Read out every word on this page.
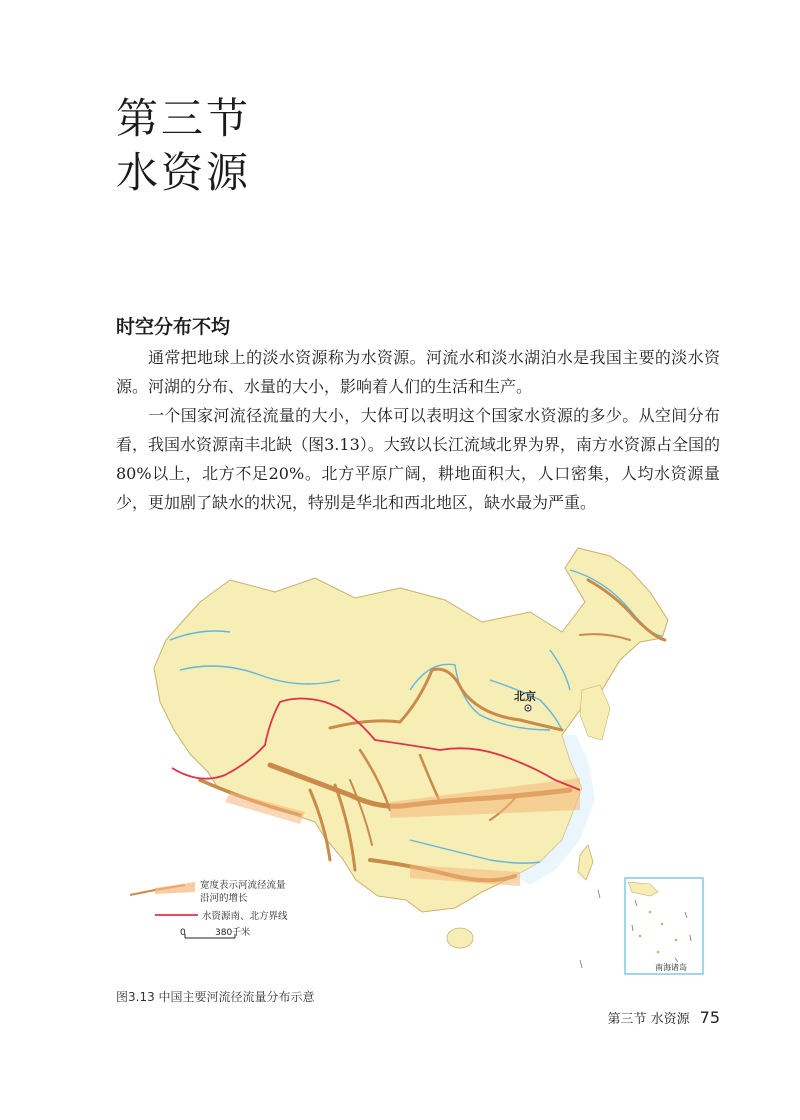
第三节
水资源
时空分布不均

通常把地球上的淡水资源称为水资源。河流水和淡水湖泊水是我国主要的淡水资源。河湖的分布、水量的大小，影响着人们的生活和生产。

一个国家河流径流量的大小，大体可以表明这个国家水资源的多少。从空间分布看，我国水资源南丰北缺（图3.13）。大致以长江流域北界为界，南方水资源占全国的80%以上，北方不足20%。北方平原广阔，耕地面积大，人口密集，人均水资源量少，更加剧了缺水的状况，特别是华北和西北地区，缺水最为严重。

北京
宽度表示河流径流量
沿河的增长
水资源南、北方界线
0	380千米
南海诸岛
图3.13 中国主要河流径流量分布示意
第三节 水资源 75
